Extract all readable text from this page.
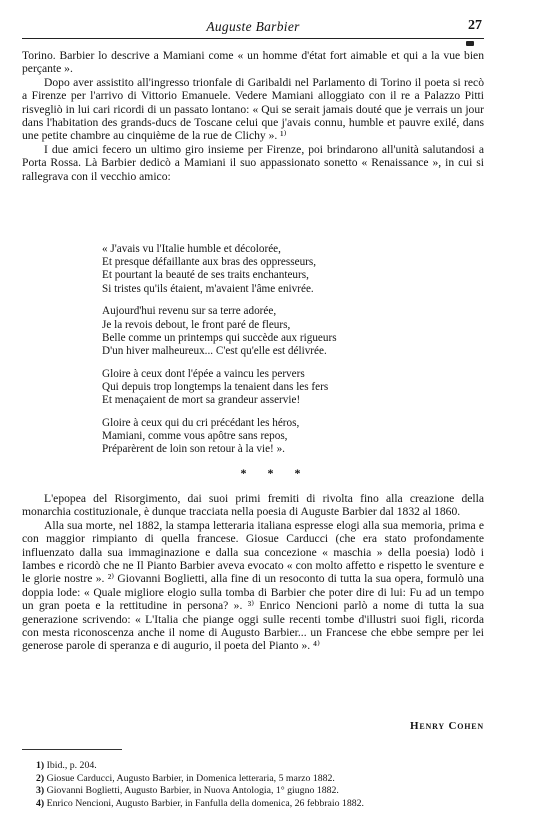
Auguste Barbier	27

Torino. Barbier lo descrive a Mamiani come « un homme d'état fort aimable et qui a la vue bien perçante ».

Dopo aver assistito all'ingresso trionfale di Garibaldi nel Parlamento di Torino il poeta si recò a Firenze per l'arrivo di Vittorio Emanuele. Vedere Mamiani alloggiato con il re a Palazzo Pitti risvegliò in lui cari ricordi di un passato lontano: « Qui se serait jamais douté que je verrais un jour dans l'habitation des grands-ducs de Toscane celui que j'avais connu, humble et pauvre exilé, dans une petite chambre au cinquième de la rue de Clichy ». ¹⁾

I due amici fecero un ultimo giro insieme per Firenze, poi brindarono all'unità salutandosi a Porta Rossa. Là Barbier dedicò a Mamiani il suo appassionato sonetto « Renaissance », in cui si rallegrava con il vecchio amico:

« J'avais vu l'Italie humble et décolorée,
Et presque défaillante aux bras des oppresseurs,
Et pourtant la beauté de ses traits enchanteurs,
Si tristes qu'ils étaient, m'avaient l'âme enivrée.
Aujourd'hui revenu sur sa terre adorée,
Je la revois debout, le front paré de fleurs,
Belle comme un printemps qui succède aux rigueurs
D'un hiver malheureux... C'est qu'elle est délivrée.
Gloire à ceux dont l'épée a vaincu les pervers
Qui depuis trop longtemps la tenaient dans les fers
Et menaçaient de mort sa grandeur asservie!
Gloire à ceux qui du cri précédant les héros,
Mamiani, comme vous apôtre sans repos,
Préparèrent de loin son retour à la vie! ».
* * *

L'epopea del Risorgimento, dai suoi primi fremiti di rivolta fino alla creazione della monarchia costituzionale, è dunque tracciata nella poesia di Auguste Barbier dal 1832 al 1860.

Alla sua morte, nel 1882, la stampa letteraria italiana espresse elogi alla sua memoria, prima e con maggior rimpianto di quella francese. Giosue Carducci (che era stato profondamente influenzato dalla sua immaginazione e dalla sua concezione « maschia » della poesia) lodò i Iambes e ricordò che ne Il Pianto Barbier aveva evocato « con molto affetto e rispetto le sventure e le glorie nostre ». ²⁾ Giovanni Boglietti, alla fine di un resoconto di tutta la sua opera, formulò una doppia lode: « Quale migliore elogio sulla tomba di Barbier che poter dire di lui: Fu ad un tempo un gran poeta e la rettitudine in persona? ». ³⁾ Enrico Nencioni parlò a nome di tutta la sua generazione scrivendo: « L'Italia che piange oggi sulle recenti tombe d'illustri suoi figli, ricorda con mesta riconoscenza anche il nome di Augusto Barbier... un Francese che ebbe sempre per lei generose parole di speranza e di augurio, il poeta del Pianto ». ⁴⁾

Henry Cohen
1) Ibid., p. 204.
2) Giosue Carducci, Augusto Barbier, in Domenica letteraria, 5 marzo 1882.
3) Giovanni Boglietti, Augusto Barbier, in Nuova Antologia, 1° giugno 1882.
4) Enrico Nencioni, Augusto Barbier, in Fanfulla della domenica, 26 febbraio 1882.
